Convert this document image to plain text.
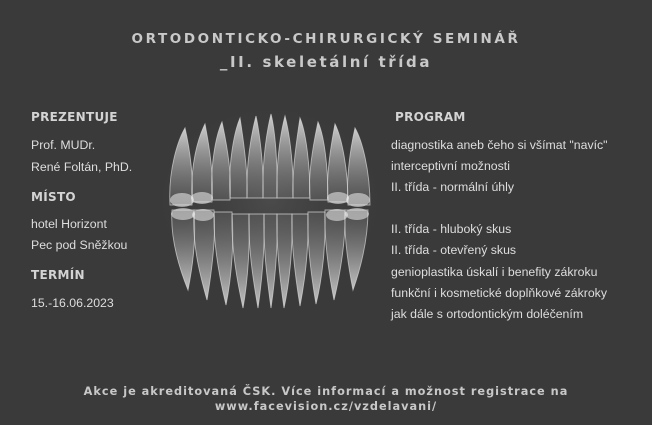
ORTODONTICKO-CHIRURGICKÝ SEMINÁŘ
_II. skeletální třída
PREZENTUJE
Prof. MUDr.
René Foltán, PhD.
MÍSTO
hotel Horizont
Pec pod Sněžkou
TERMÍN
15.-16.06.2023
PROGRAM
diagnostika aneb čeho si všímat "navíc"
interceptivní možnosti
II. třída - normální úhly
II. třída - hluboký skus
II. třída - otevřený skus
genioplastika úskalí i benefity zákroku
funkční i kosmetické doplňkové zákroky
jak dále s ortodontickým doléčením
Akce je akreditovaná ČSK. Více informací a možnost registrace na
www.facevision.cz/vzdelavani/
